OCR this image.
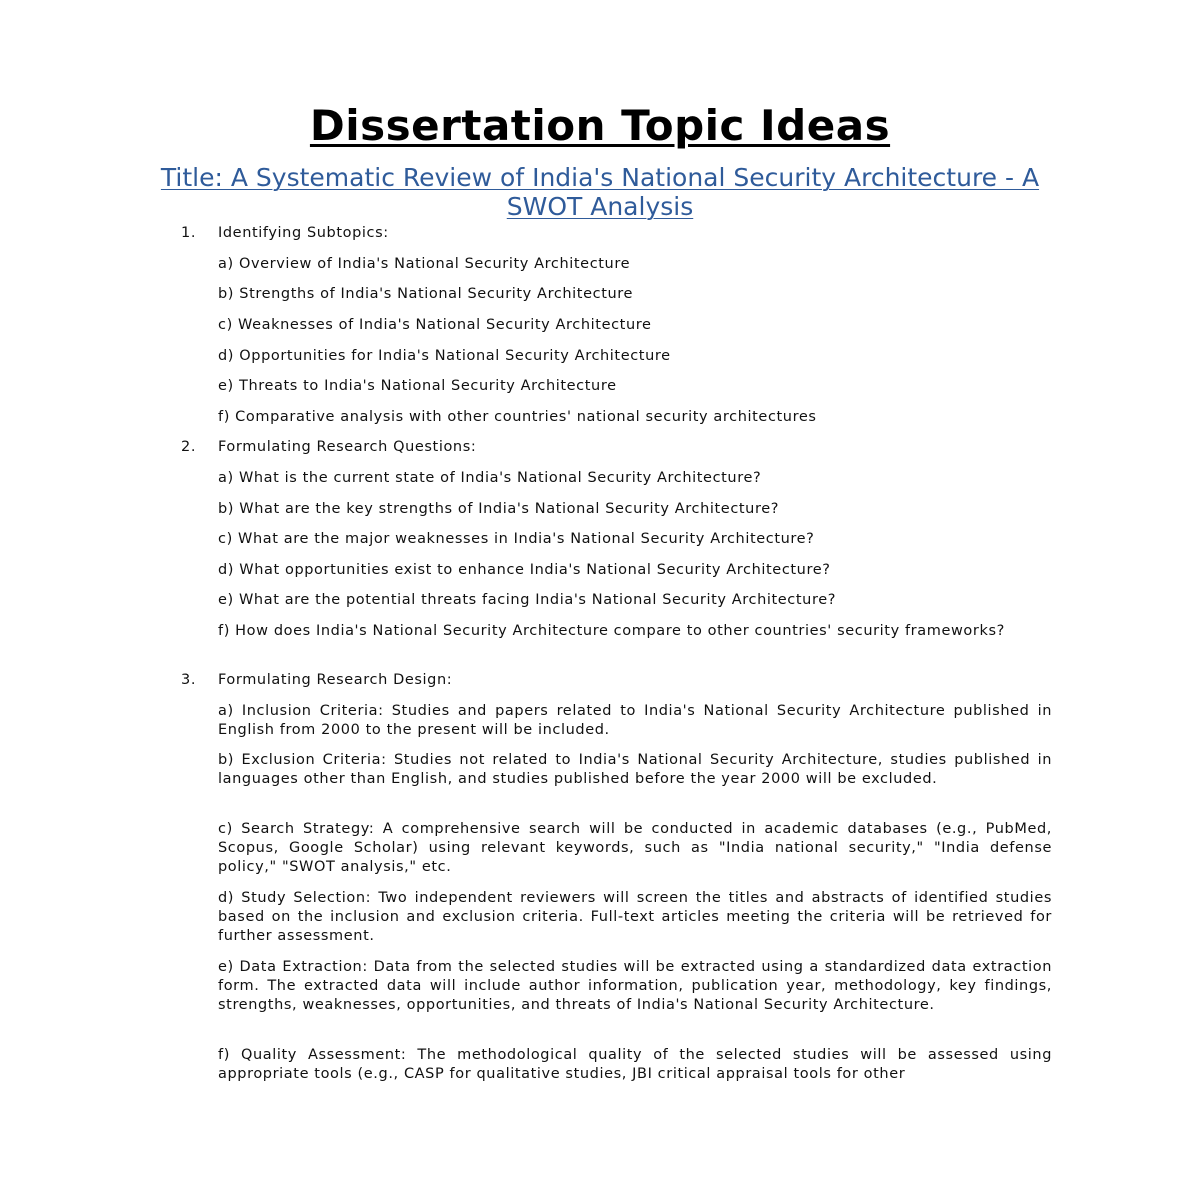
Dissertation Topic Ideas
Title: A Systematic Review of India's National Security Architecture - A SWOT Analysis
1. Identifying Subtopics:
a) Overview of India's National Security Architecture
b) Strengths of India's National Security Architecture
c) Weaknesses of India's National Security Architecture
d) Opportunities for India's National Security Architecture
e) Threats to India's National Security Architecture
f) Comparative analysis with other countries' national security architectures
2. Formulating Research Questions:
a) What is the current state of India's National Security Architecture?
b) What are the key strengths of India's National Security Architecture?
c) What are the major weaknesses in India's National Security Architecture?
d) What opportunities exist to enhance India's National Security Architecture?
e) What are the potential threats facing India's National Security Architecture?
f) How does India's National Security Architecture compare to other countries' security frameworks?
3. Formulating Research Design:
a) Inclusion Criteria: Studies and papers related to India's National Security Architecture published in English from 2000 to the present will be included.
b) Exclusion Criteria: Studies not related to India's National Security Architecture, studies published in languages other than English, and studies published before the year 2000 will be excluded.
c) Search Strategy: A comprehensive search will be conducted in academic databases (e.g., PubMed, Scopus, Google Scholar) using relevant keywords, such as "India national security," "India defense policy," "SWOT analysis," etc.
d) Study Selection: Two independent reviewers will screen the titles and abstracts of identified studies based on the inclusion and exclusion criteria. Full-text articles meeting the criteria will be retrieved for further assessment.
e) Data Extraction: Data from the selected studies will be extracted using a standardized data extraction form. The extracted data will include author information, publication year, methodology, key findings, strengths, weaknesses, opportunities, and threats of India's National Security Architecture.
f) Quality Assessment: The methodological quality of the selected studies will be assessed using appropriate tools (e.g., CASP for qualitative studies, JBI critical appraisal tools for other
